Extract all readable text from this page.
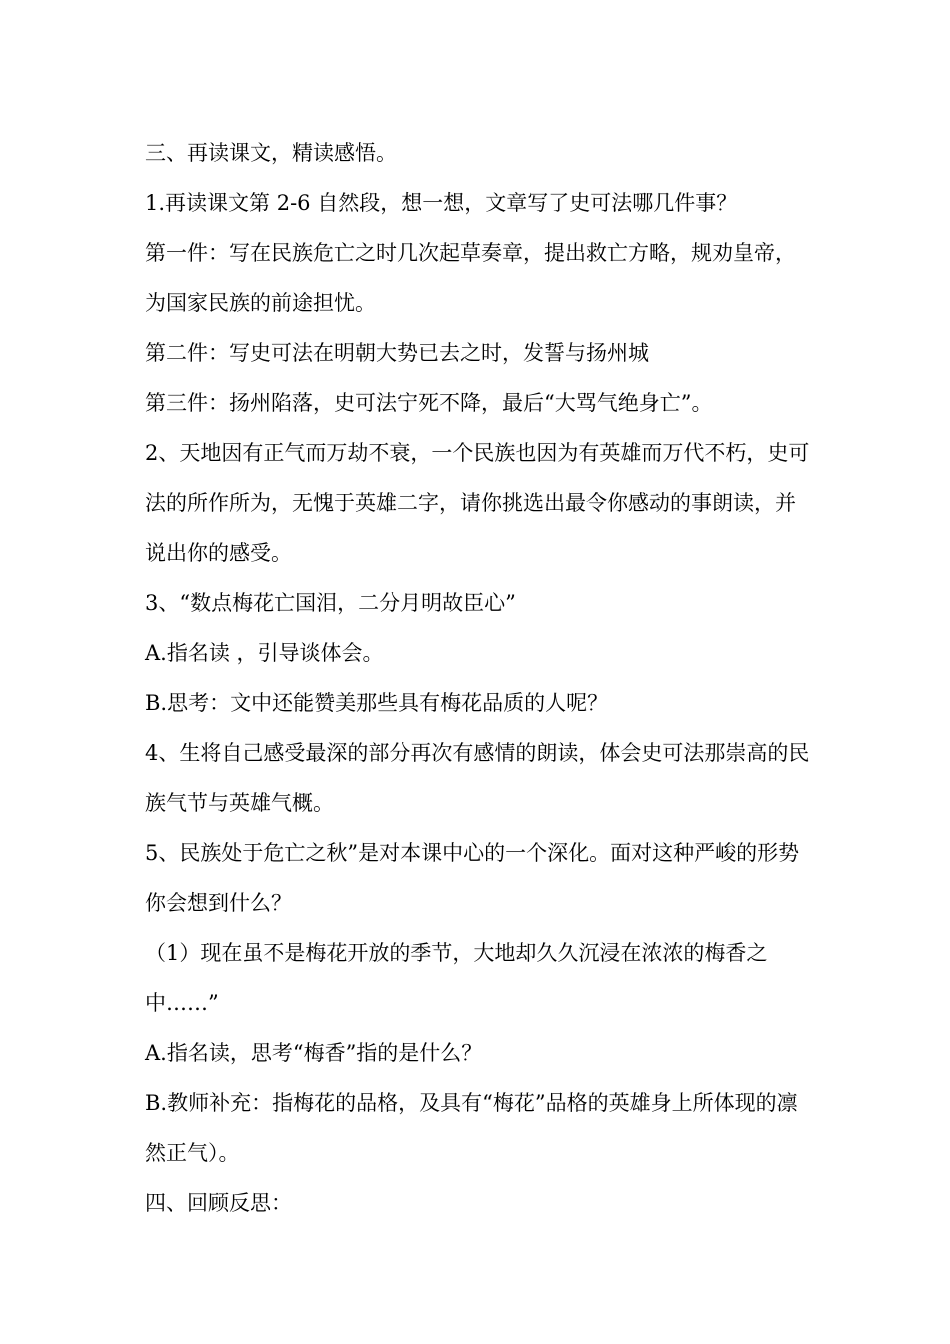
三、再读课文，精读感悟。

1.再读课文第 2-6 自然段，想一想，文章写了史可法哪几件事？

第一件：写在民族危亡之时几次起草奏章，提出救亡方略，规劝皇帝，为国家民族的前途担忧。

第二件：写史可法在明朝大势已去之时，发誓与扬州城

第三件：扬州陷落，史可法宁死不降，最后“大骂气绝身亡”。

2、天地因有正气而万劫不衰，一个民族也因为有英雄而万代不朽，史可法的所作所为，无愧于英雄二字，请你挑选出最令你感动的事朗读，并说出你的感受。

3、“数点梅花亡国泪，二分月明故臣心”

A.指名读 ，引导谈体会。

B.思考：文中还能赞美那些具有梅花品质的人呢？

4、生将自己感受最深的部分再次有感情的朗读，体会史可法那崇高的民族气节与英雄气概。

5、民族处于危亡之秋”是对本课中心的一个深化。面对这种严峻的形势你会想到什么？

（1）现在虽不是梅花开放的季节，大地却久久沉浸在浓浓的梅香之中……”

A.指名读，思考“梅香”指的是什么？

B.教师补充：指梅花的品格，及具有“梅花”品格的英雄身上所体现的凛然正气）。

四、回顾反思：
